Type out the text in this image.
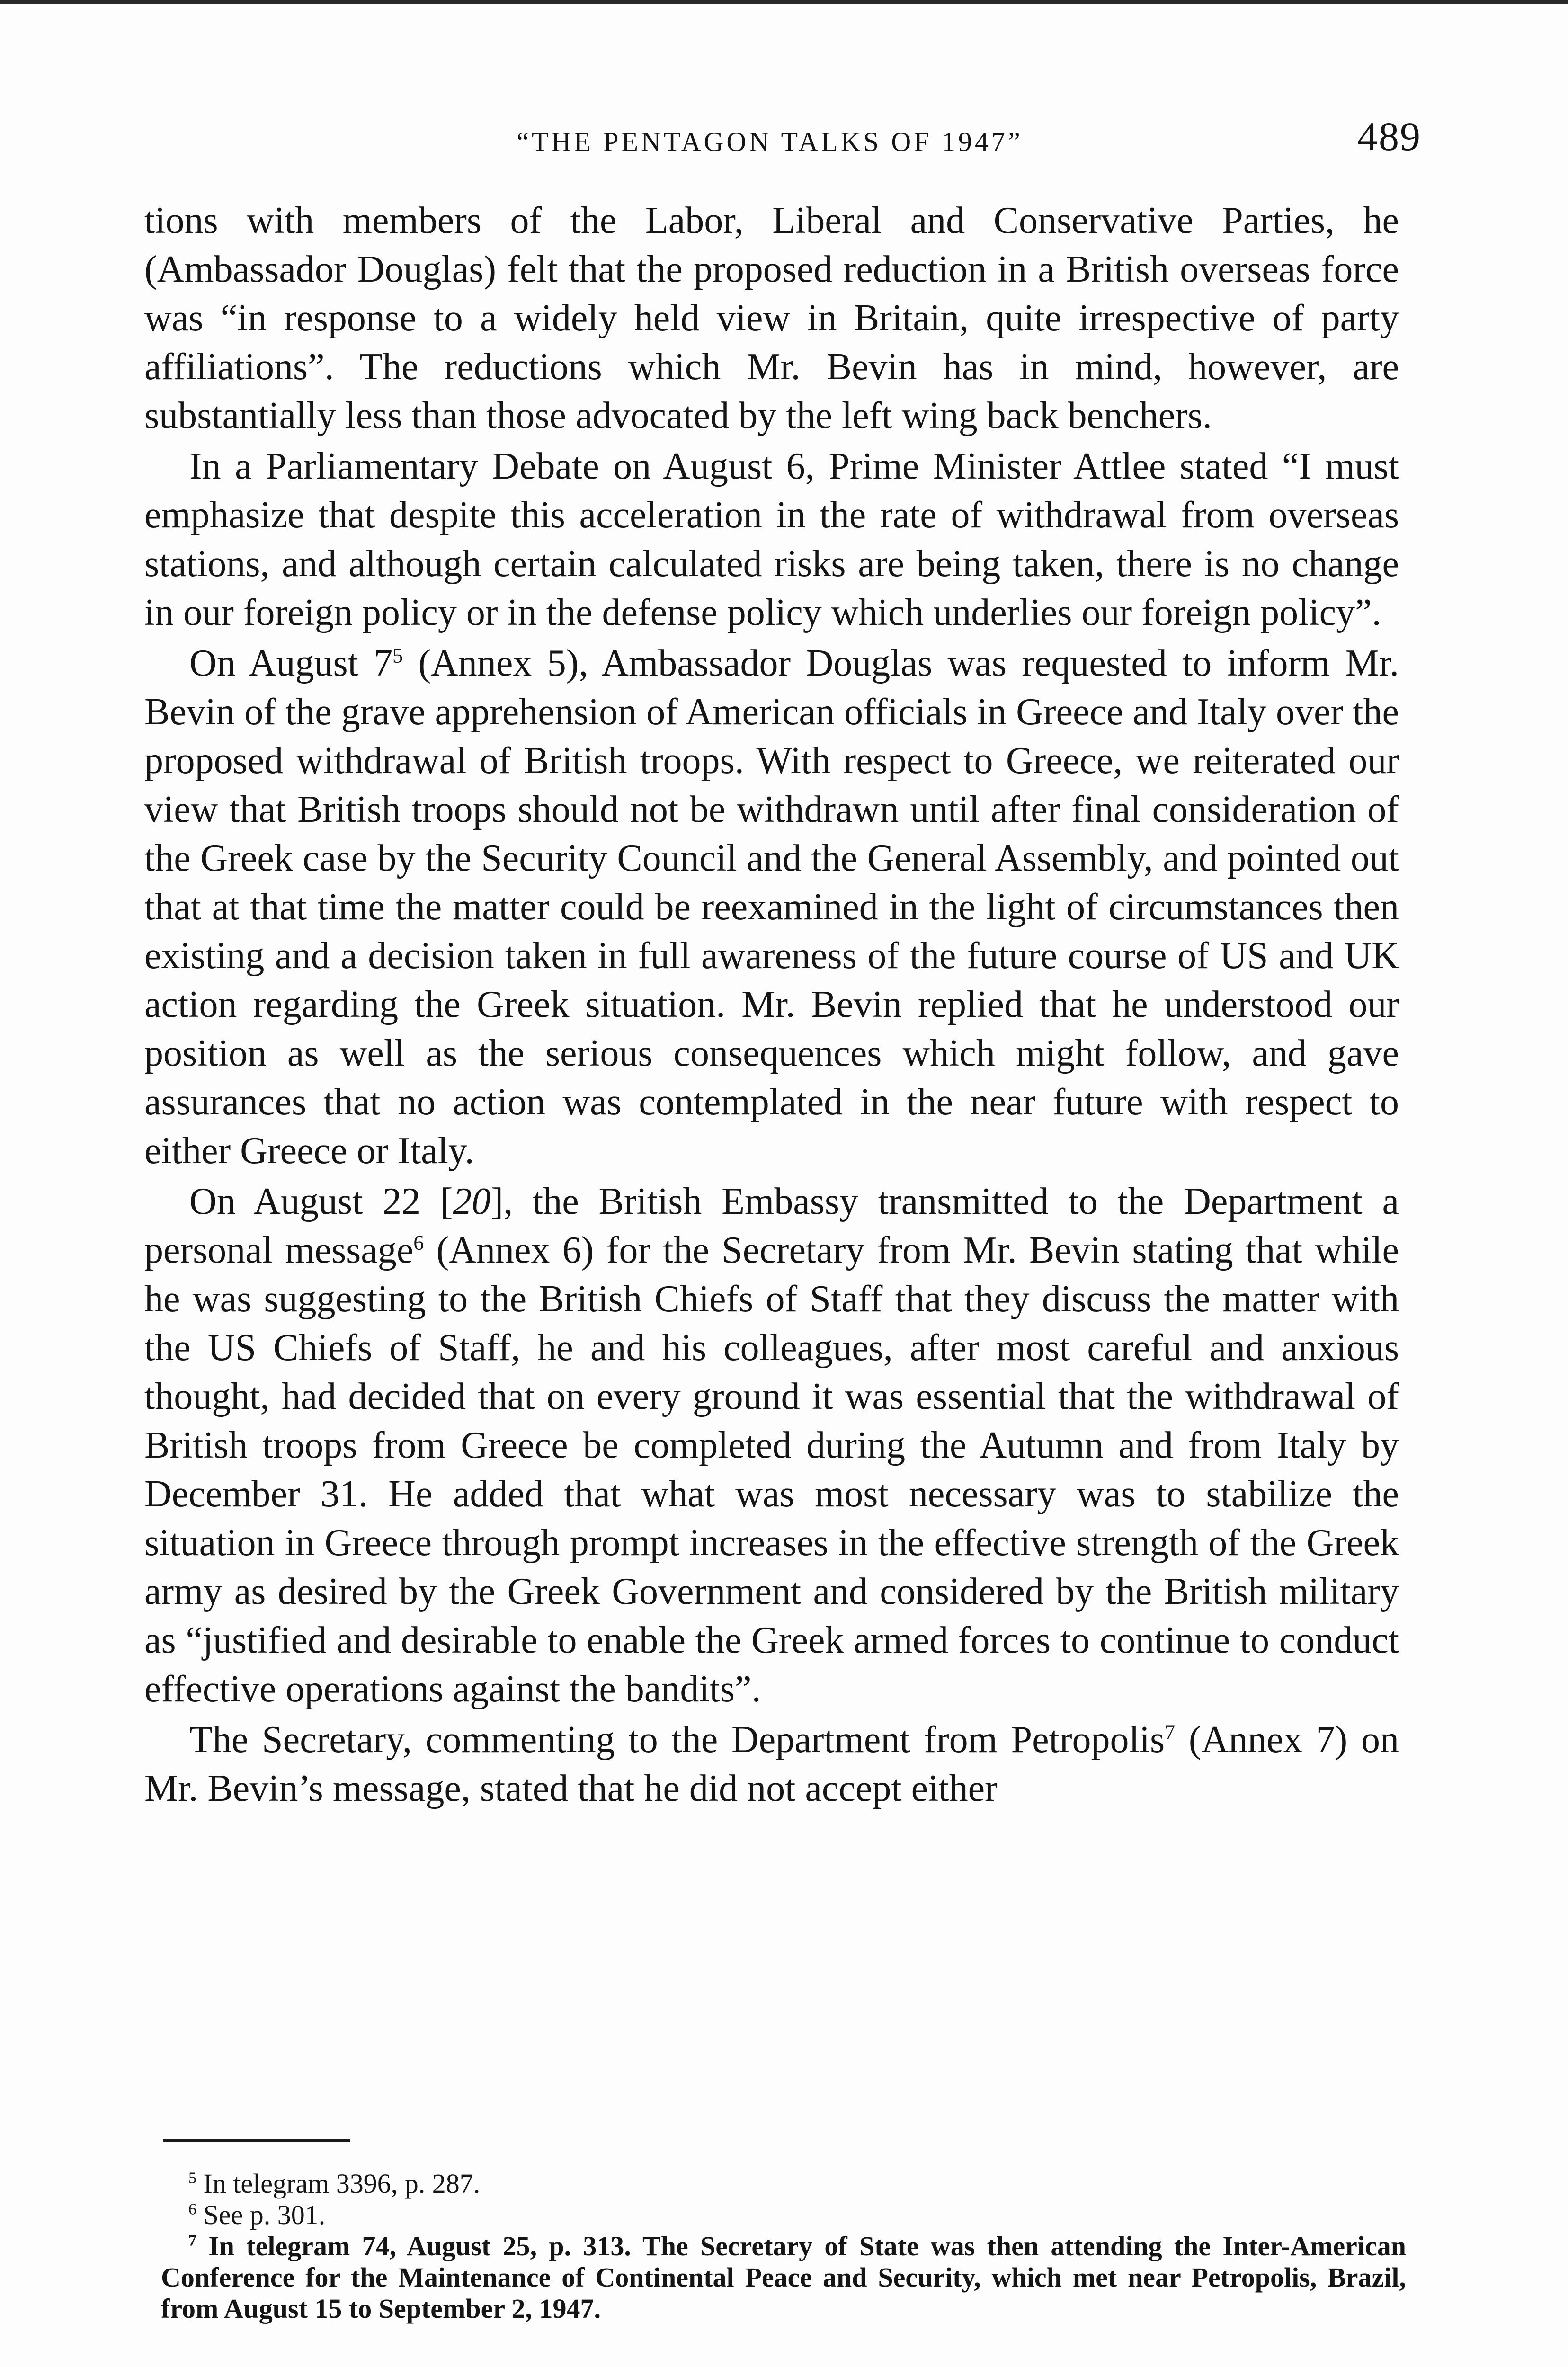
“THE PENTAGON TALKS OF 1947”	489

tions with members of the Labor, Liberal and Conservative Parties, he (Ambassador Douglas) felt that the proposed reduction in a British overseas force was “in response to a widely held view in Britain, quite irrespective of party affiliations”. The reductions which Mr. Bevin has in mind, however, are substantially less than those advocated by the left wing back benchers.

In a Parliamentary Debate on August 6, Prime Minister Attlee stated “I must emphasize that despite this acceleration in the rate of withdrawal from overseas stations, and although certain calculated risks are being taken, there is no change in our foreign policy or in the defense policy which underlies our foreign policy”.

On August $7^5$ (Annex 5), Ambassador Douglas was requested to inform Mr. Bevin of the grave apprehension of American officials in Greece and Italy over the proposed withdrawal of British troops. With respect to Greece, we reiterated our view that British troops should not be withdrawn until after final consideration of the Greek case by the Security Council and the General Assembly, and pointed out that at that time the matter could be reexamined in the light of circumstances then existing and a decision taken in full awareness of the future course of US and UK action regarding the Greek situation. Mr. Bevin replied that he understood our position as well as the serious consequences which might follow, and gave assurances that no action was contemplated in the near future with respect to either Greece or Italy.

On August 22 [20], the British Embassy transmitted to the Department a personal message$^6$ (Annex 6) for the Secretary from Mr. Bevin stating that while he was suggesting to the British Chiefs of Staff that they discuss the matter with the US Chiefs of Staff, he and his colleagues, after most careful and anxious thought, had decided that on every ground it was essential that the withdrawal of British troops from Greece be completed during the Autumn and from Italy by December 31. He added that what was most necessary was to stabilize the situation in Greece through prompt increases in the effective strength of the Greek army as desired by the Greek Government and considered by the British military as “justified and desirable to enable the Greek armed forces to continue to conduct effective operations against the bandits”.

The Secretary, commenting to the Department from Petropolis$^7$ (Annex 7) on Mr. Bevin’s message, stated that he did not accept either

$^5$ In telegram 3396, p. 287.

$^6$ See p. 301.

$^7$ In telegram 74, August 25, p. 313. The Secretary of State was then attending the Inter-American Conference for the Maintenance of Continental Peace and Security, which met near Petropolis, Brazil, from August 15 to September 2, 1947.
